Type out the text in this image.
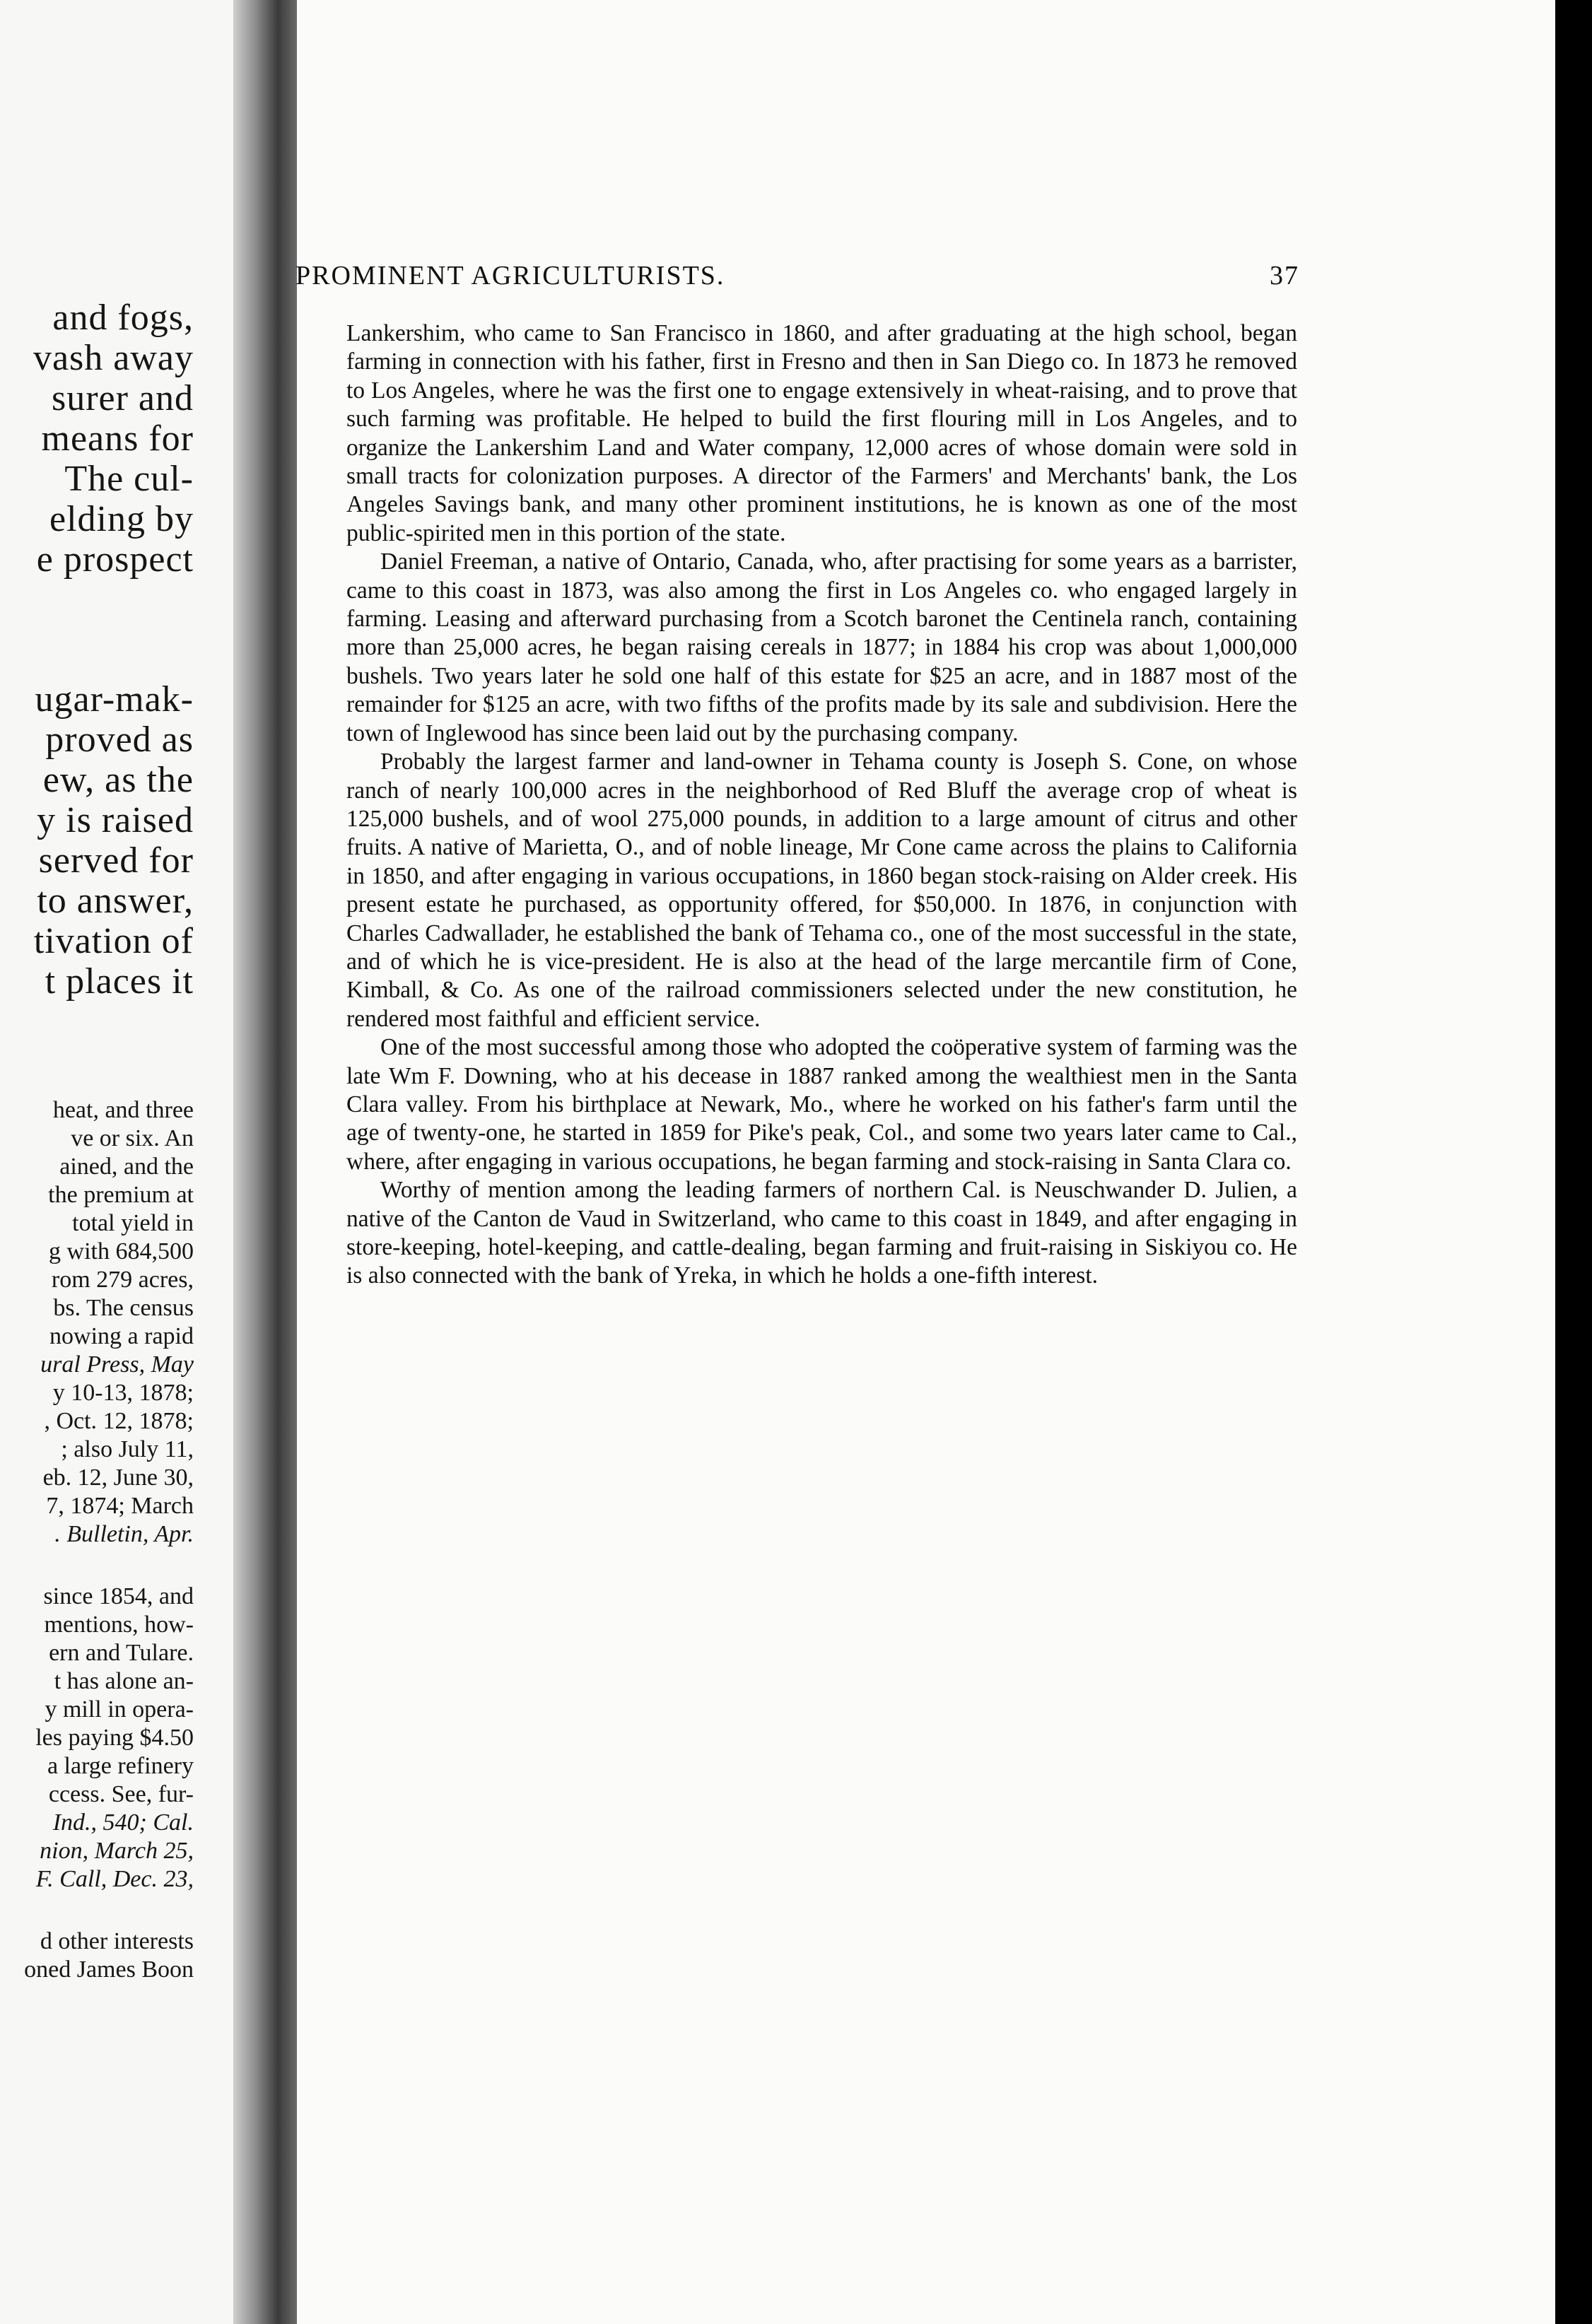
and fogs,
vash away
surer and
means for
The cul-
elding by
e prospect
ugar-mak-
proved as
ew, as the
y is raised
served for
to answer,
tivation of
t places it
heat, and three
ve or six. An
ained, and the
the premium at
total yield in
g with 684,500
rom 279 acres,
bs. The census
nowing a rapid
ural Press, May
y 10-13, 1878;
, Oct. 12, 1878;
; also July 11,
eb. 12, June 30,
7, 1874; March
. Bulletin, Apr.
since 1854, and
mentions, how-
ern and Tulare.
t has alone an-
y mill in opera-
les paying $4.50
a large refinery
ccess. See, fur-
Ind., 540; Cal.
nion, March 25,
F. Call, Dec. 23,
d other interests
oned James Boon
PROMINENT AGRICULTURISTS.	37

Lankershim, who came to San Francisco in 1860, and after graduating at the high school, began farming in connection with his father, first in Fresno and then in San Diego co. In 1873 he removed to Los Angeles, where he was the first one to engage extensively in wheat-raising, and to prove that such farming was profitable. He helped to build the first flouring mill in Los Angeles, and to organize the Lankershim Land and Water company, 12,000 acres of whose domain were sold in small tracts for colonization purposes. A director of the Farmers' and Merchants' bank, the Los Angeles Savings bank, and many other prominent institutions, he is known as one of the most public-spirited men in this portion of the state.

Daniel Freeman, a native of Ontario, Canada, who, after practising for some years as a barrister, came to this coast in 1873, was also among the first in Los Angeles co. who engaged largely in farming. Leasing and afterward purchasing from a Scotch baronet the Centinela ranch, containing more than 25,000 acres, he began raising cereals in 1877; in 1884 his crop was about 1,000,000 bushels. Two years later he sold one half of this estate for $25 an acre, and in 1887 most of the remainder for $125 an acre, with two fifths of the profits made by its sale and subdivision. Here the town of Inglewood has since been laid out by the purchasing company.

Probably the largest farmer and land-owner in Tehama county is Joseph S. Cone, on whose ranch of nearly 100,000 acres in the neighborhood of Red Bluff the average crop of wheat is 125,000 bushels, and of wool 275,000 pounds, in addition to a large amount of citrus and other fruits. A native of Marietta, O., and of noble lineage, Mr Cone came across the plains to California in 1850, and after engaging in various occupations, in 1860 began stock-raising on Alder creek. His present estate he purchased, as opportunity offered, for $50,000. In 1876, in conjunction with Charles Cadwallader, he established the bank of Tehama co., one of the most successful in the state, and of which he is vice-president. He is also at the head of the large mercantile firm of Cone, Kimball, & Co. As one of the railroad commissioners selected under the new constitution, he rendered most faithful and efficient service.

One of the most successful among those who adopted the coöperative system of farming was the late Wm F. Downing, who at his decease in 1887 ranked among the wealthiest men in the Santa Clara valley. From his birthplace at Newark, Mo., where he worked on his father's farm until the age of twenty-one, he started in 1859 for Pike's peak, Col., and some two years later came to Cal., where, after engaging in various occupations, he began farming and stock-raising in Santa Clara co.

Worthy of mention among the leading farmers of northern Cal. is Neuschwander D. Julien, a native of the Canton de Vaud in Switzerland, who came to this coast in 1849, and after engaging in store-keeping, hotel-keeping, and cattle-dealing, began farming and fruit-raising in Siskiyou co. He is also connected with the bank of Yreka, in which he holds a one-fifth interest.
